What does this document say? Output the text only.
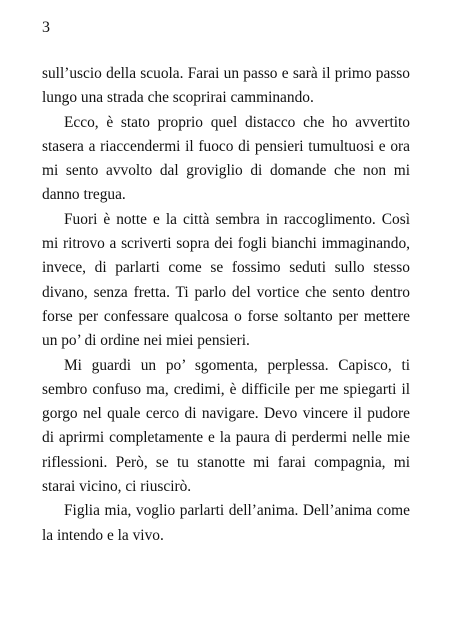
3

sull’uscio della scuola. Farai un passo e sarà il primo passo lungo una strada che scoprirai camminando.

Ecco, è stato proprio quel distacco che ho avvertito stasera a riaccendermi il fuoco di pensieri tumultuosi e ora mi sento avvolto dal groviglio di domande che non mi danno tregua.

Fuori è notte e la città sembra in raccoglimento. Così mi ritrovo a scriverti sopra dei fogli bianchi immaginando, invece, di parlarti come se fossimo seduti sullo stesso divano, senza fretta. Ti parlo del vortice che sento dentro forse per confessare qualcosa o forse soltanto per mettere un po’ di ordine nei miei pensieri.

Mi guardi un po’ sgomenta, perplessa. Capisco, ti sembro confuso ma, credimi, è difficile per me spiegarti il gorgo nel quale cerco di navigare. Devo vincere il pudore di aprirmi completamente e la paura di perdermi nelle mie riflessioni. Però, se tu stanotte mi farai compagnia, mi starai vicino, ci riuscirò.

Figlia mia, voglio parlarti dell’anima. Dell’anima come la intendo e la vivo.
